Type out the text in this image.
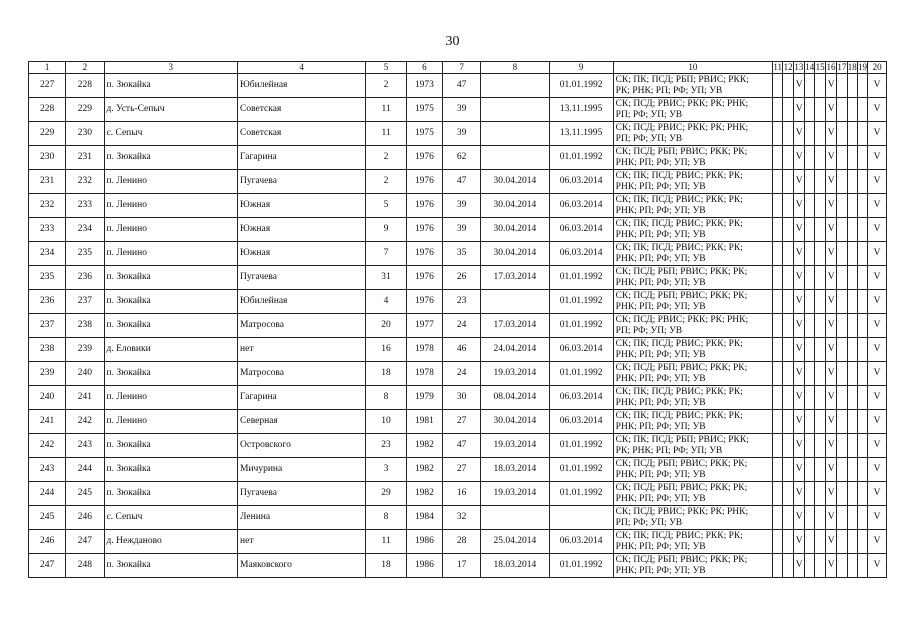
30
1	2	3	4	5	6	7	8	9	10	11	12	13	14	15	16	17	18	19	20
227	228	п. Зюкайка	Юбилейная	2	1973	47		01.01.1992	СК; ПК; ПСД; РБП; РВИС; РКК;
РК; РНК; РП; РФ; УП; УВ			V			V				V
228	229	д. Усть-Сепыч	Советская	11	1975	39		13.11.1995	СК; ПСД; РВИС; РКК; РК; РНК;
РП; РФ; УП; УВ			V			V				V
229	230	с. Сепыч	Советская	11	1975	39		13.11.1995	СК; ПСД; РВИС; РКК; РК; РНК;
РП; РФ; УП; УВ			V			V				V
230	231	п. Зюкайка	Гагарина	2	1976	62		01.01.1992	СК; ПСД; РБП; РВИС; РКК; РК;
РНК; РП; РФ; УП; УВ			V			V				V
231	232	п. Ленино	Пугачева	2	1976	47	30.04.2014	06.03.2014	СК; ПК; ПСД; РВИС; РКК; РК;
РНК; РП; РФ; УП; УВ			V			V				V
232	233	п. Ленино	Южная	5	1976	39	30.04.2014	06.03.2014	СК; ПК; ПСД; РВИС; РКК; РК;
РНК; РП; РФ; УП; УВ			V			V				V
233	234	п. Ленино	Южная	9	1976	39	30.04.2014	06.03.2014	СК; ПК; ПСД; РВИС; РКК; РК;
РНК; РП; РФ; УП; УВ			V			V				V
234	235	п. Ленино	Южная	7	1976	35	30.04.2014	06.03.2014	СК; ПК; ПСД; РВИС; РКК; РК;
РНК; РП; РФ; УП; УВ			V			V				V
235	236	п. Зюкайка	Пугачева	31	1976	26	17.03.2014	01.01.1992	СК; ПСД; РБП; РВИС; РКК; РК;
РНК; РП; РФ; УП; УВ			V			V				V
236	237	п. Зюкайка	Юбилейная	4	1976	23		01.01.1992	СК; ПСД; РБП; РВИС; РКК; РК;
РНК; РП; РФ; УП; УВ			V			V				V
237	238	п. Зюкайка	Матросова	20	1977	24	17.03.2014	01.01.1992	СК; ПСД; РВИС; РКК; РК; РНК;
РП; РФ; УП; УВ			V			V				V
238	239	д. Еловики	нет	16	1978	46	24.04.2014	06.03.2014	СК; ПК; ПСД; РВИС; РКК; РК;
РНК; РП; РФ; УП; УВ			V			V				V
239	240	п. Зюкайка	Матросова	18	1978	24	19.03.2014	01.01.1992	СК; ПСД; РБП; РВИС; РКК; РК;
РНК; РП; РФ; УП; УВ			V			V				V
240	241	п. Ленино	Гагарина	8	1979	30	08.04.2014	06.03.2014	СК; ПК; ПСД; РВИС; РКК; РК;
РНК; РП; РФ; УП; УВ			V			V				V
241	242	п. Ленино	Северная	10	1981	27	30.04.2014	06.03.2014	СК; ПК; ПСД; РВИС; РКК; РК;
РНК; РП; РФ; УП; УВ			V			V				V
242	243	п. Зюкайка	Островского	23	1982	47	19.03.2014	01.01.1992	СК; ПК; ПСД; РБП; РВИС; РКК;
РК; РНК; РП; РФ; УП; УВ			V			V				V
243	244	п. Зюкайка	Мичурина	3	1982	27	18.03.2014	01.01.1992	СК; ПСД; РБП; РВИС; РКК; РК;
РНК; РП; РФ; УП; УВ			V			V				V
244	245	п. Зюкайка	Пугачева	29	1982	16	19.03.2014	01.01.1992	СК; ПСД; РБП; РВИС; РКК; РК;
РНК; РП; РФ; УП; УВ			V			V				V
245	246	с. Сепыч	Ленина	8	1984	32			СК; ПСД; РВИС; РКК; РК; РНК;
РП; РФ; УП; УВ			V			V				V
246	247	д. Нежданово	нет	11	1986	28	25.04.2014	06.03.2014	СК; ПК; ПСД; РВИС; РКК; РК;
РНК; РП; РФ; УП; УВ			V			V				V
247	248	п. Зюкайка	Маяковского	18	1986	17	18.03.2014	01.01.1992	СК; ПСД; РБП; РВИС; РКК; РК;
РНК; РП; РФ; УП; УВ			V			V				V
